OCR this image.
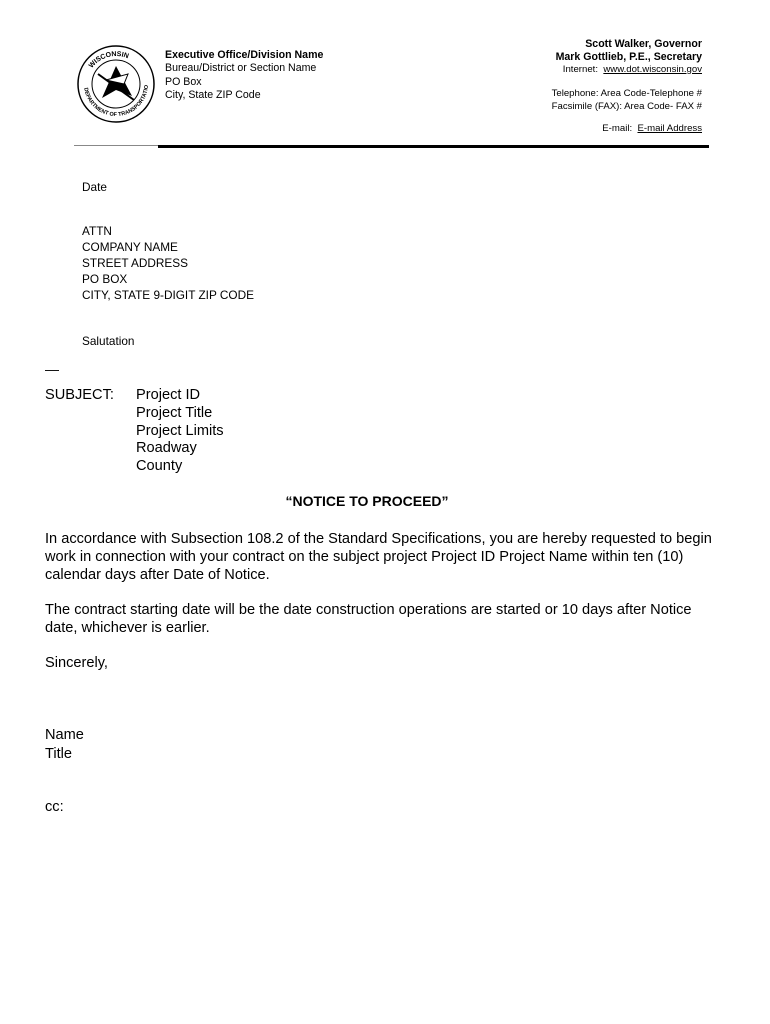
WISCONSIN
DEPARTMENT OF TRANSPORTATIO
Executive Office/Division Name
Bureau/District or Section Name
PO Box
City, State ZIP Code
Scott Walker, Governor
Mark Gottlieb, P.E., Secretary
Internet: www.dot.wisconsin.gov
Telephone: Area Code-Telephone #
Facsimile (FAX): Area Code- FAX #
E-mail: E-mail Address
Date
ATTN
COMPANY NAME
STREET ADDRESS
PO BOX
CITY, STATE 9-DIGIT ZIP CODE
Salutation
—
SUBJECT: Project ID
Project Title
Project Limits
Roadway
County
“NOTICE TO PROCEED”
In accordance with Subsection 108.2 of the Standard Specifications, you are hereby requested to begin work in connection with your contract on the subject project Project ID Project Name within ten (10) calendar days after Date of Notice.
The contract starting date will be the date construction operations are started or 10 days after Notice date, whichever is earlier.
Sincerely,
Name
Title
cc:
